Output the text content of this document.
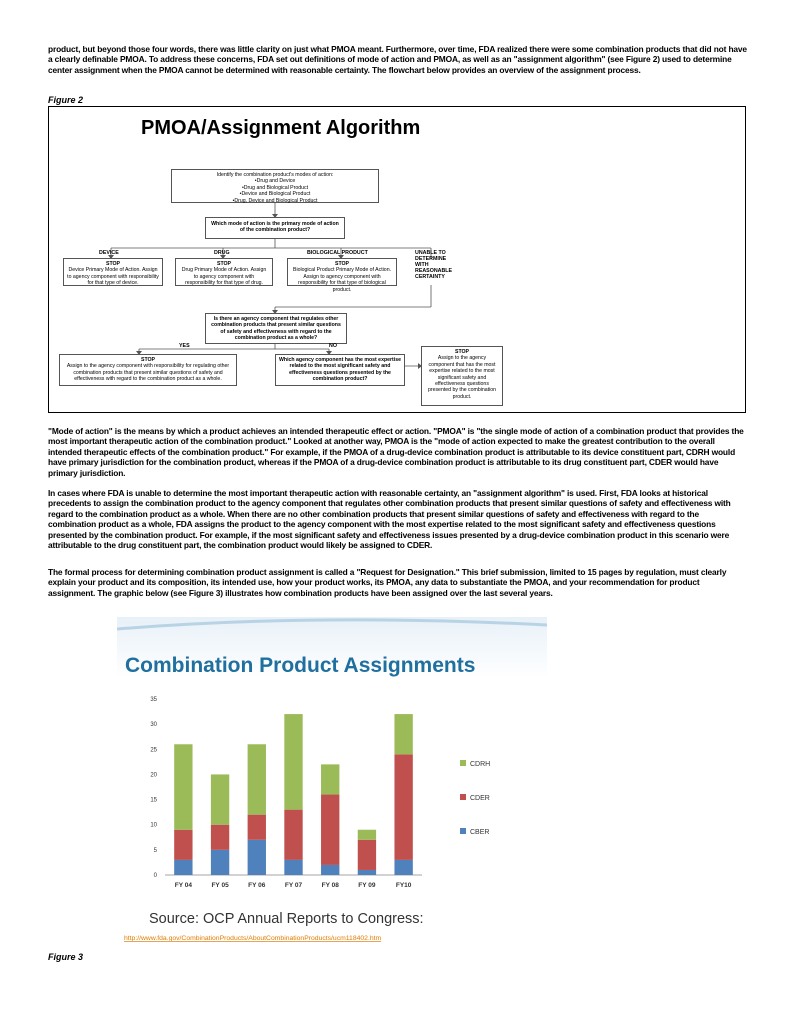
product, but beyond those four words, there was little clarity on just what PMOA meant. Furthermore, over time, FDA realized there were some combination products that did not have a clearly definable PMOA. To address these concerns, FDA set out definitions of mode of action and PMOA, as well as an "assignment algorithm" (see Figure 2) used to determine center assignment when the PMOA cannot be determined with reasonable certainty. The flowchart below provides an overview of the assignment process.

Figure 2

PMOA/Assignment Algorithm
Identify the combination product's modes of action:
•Drug and Device
•Drug and Biological Product
•Device and Biological Product
•Drug, Device and Biological Product
Which mode of action is the primary mode of action of the combination product?
DEVICE	DRUG	BIOLOGICAL PRODUCT	UNABLE TO DETERMINE WITH REASONABLE CERTAINTY
STOP
Device Primary Mode of Action. Assign to agency component with responsibility for that type of device.
STOP
Drug Primary Mode of Action. Assign to agency component with responsibility for that type of drug.
STOP
Biological Product Primary Mode of Action. Assign to agency component with responsibility for that type of biological product.
Is there an agency component that regulates other combination products that present similar questions of safety and effectiveness with regard to the combination product as a whole?
YES	NO
STOP
Assign to the agency component with responsibility for regulating other combination products that present similar questions of safety and effectiveness with regard to the combination product as a whole.
Which agency component has the most expertise related to the most significant safety and effectiveness questions presented by the combination product?
STOP
Assign to the agency component that has the most expertise related to the most significant safety and effectiveness questions presented by the combination product.

"Mode of action" is the means by which a product achieves an intended therapeutic effect or action. "PMOA" is "the single mode of action of a combination product that provides the most important therapeutic action of the combination product." Looked at another way, PMOA is the "mode of action expected to make the greatest contribution to the overall intended therapeutic effects of the combination product." For example, if the PMOA of a drug-device combination product is attributable to its device constituent part, CDRH would have primary jurisdiction for the combination product, whereas if the PMOA of a drug-device combination product is attributable to its drug constituent part, CDER would have primary jurisdiction.

In cases where FDA is unable to determine the most important therapeutic action with reasonable certainty, an "assignment algorithm" is used. First, FDA looks at historical precedents to assign the combination product to the agency component that regulates other combination products that present similar questions of safety and effectiveness with regard to the combination product as a whole. When there are no other combination products that present similar questions of safety and effectiveness with regard to the combination product as a whole, FDA assigns the product to the agency component with the most expertise related to the most significant safety and effectiveness questions presented by the combination product. For example, if the most significant safety and effectiveness issues presented by a drug-device combination product in this scenario were attributable to the drug constituent part, the combination product would likely be assigned to CDER.

The formal process for determining combination product assignment is called a "Request for Designation." This brief submission, limited to 15 pages by regulation, must clearly explain your product and its composition, its intended use, how your product works, its PMOA, any data to substantiate the PMOA, and your recommendation for product assignment. The graphic below (see Figure 3) illustrates how combination products have been assigned over the last several years.

Combination Product Assignments
0
5
10
15
20
25
30
35
FY 04	FY 05	FY 06	FY 07	FY 08	FY 09	FY10
CDRH
CDER
CBER
Source: OCP Annual Reports to Congress:
http://www.fda.gov/CombinationProducts/AboutCombinationProducts/ucm118402.htm

Figure 3
